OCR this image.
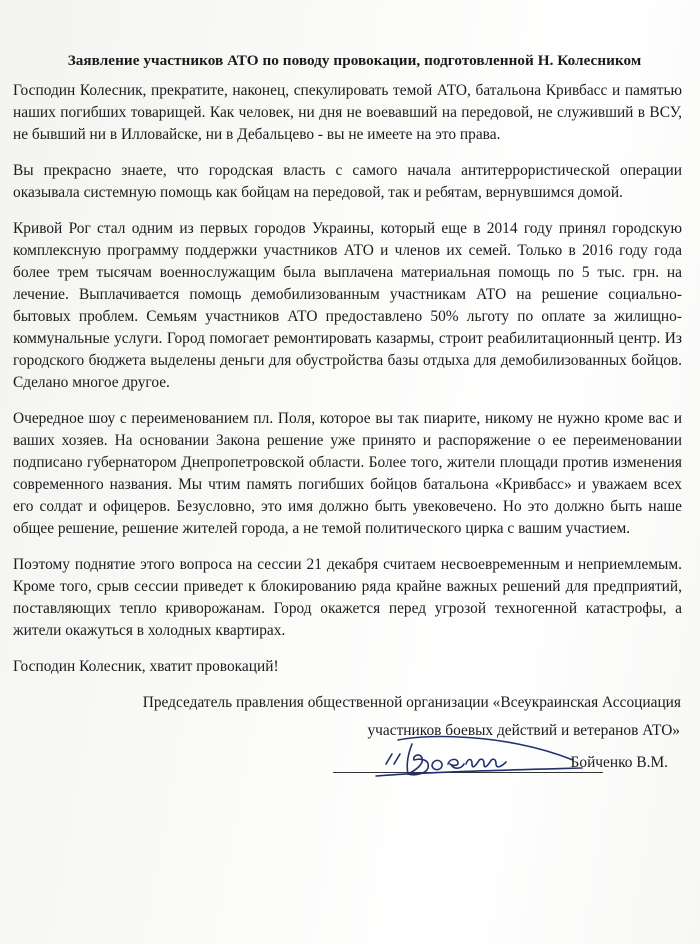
Заявление участников АТО по поводу провокации, подготовленной Н. Колесником

Господин Колесник, прекратите, наконец, спекулировать темой АТО, батальона Кривбасс и памятью наших погибших товарищей. Как человек, ни дня не воевавший на передовой, не служивший в ВСУ, не бывший ни в Илловайске, ни в Дебальцево - вы не имеете на это права.

Вы прекрасно знаете, что городская власть с самого начала антитеррористической операции оказывала системную помощь как бойцам на передовой, так и ребятам, вернувшимся домой.

Кривой Рог стал одним из первых городов Украины, который еще в 2014 году принял городскую комплексную программу поддержки участников АТО и членов их семей. Только в 2016 году года более трем тысячам военнослужащим была выплачена материальная помощь по 5 тыс. грн. на лечение. Выплачивается помощь демобилизованным участникам АТО на решение социально-бытовых проблем. Семьям участников АТО предоставлено 50% льготу по оплате за жилищно-коммунальные услуги. Город помогает ремонтировать казармы, строит реабилитационный центр. Из городского бюджета выделены деньги для обустройства базы отдыха для демобилизованных бойцов. Сделано многое другое.

Очередное шоу с переименованием пл. Поля, которое вы так пиарите, никому не нужно кроме вас и ваших хозяев. На основании Закона решение уже принято и распоряжение о ее переименовании подписано губернатором Днепропетровской области. Более того, жители площади против изменения современного названия. Мы чтим память погибших бойцов батальона «Кривбасс» и уважаем всех его солдат и офицеров. Безусловно, это имя должно быть увековечено. Но это должно быть наше общее решение, решение жителей города, а не темой политического цирка с вашим участием.

Поэтому поднятие этого вопроса на сессии 21 декабря считаем несвоевременным и неприемлемым. Кроме того, срыв сессии приведет к блокированию ряда крайне важных решений для предприятий, поставляющих тепло криворожанам. Город окажется перед угрозой техногенной катастрофы, а жители окажуться в холодных квартирах.

Господин Колесник, хватит провокаций!

Председатель правления общественной организации «Всеукраинская Ассоциация

участников боевых действий и ветеранов АТО»

Бойченко В.М.
